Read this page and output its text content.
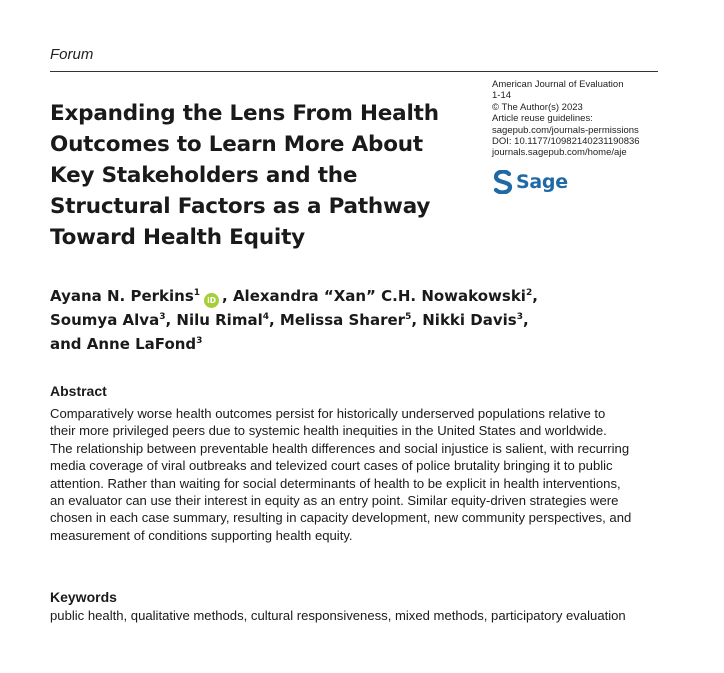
Forum
Expanding the Lens From Health
Outcomes to Learn More About
Key Stakeholders and the
Structural Factors as a Pathway
Toward Health Equity
American Journal of Evaluation
1-14
© The Author(s) 2023
Article reuse guidelines:
sagepub.com/journals-permissions
DOI: 10.1177/10982140231190836
journals.sagepub.com/home/aje
Sage
Ayana N. Perkins$^1$iD , Alexandra “Xan” C.H. Nowakowski$^2$,
Soumya Alva$^3$, Nilu Rimal$^4$, Melissa Sharer$^5$, Nikki Davis$^3$,
and Anne LaFond$^3$
Abstract
Comparatively worse health outcomes persist for historically underserved populations relative to
their more privileged peers due to systemic health inequities in the United States and worldwide.
The relationship between preventable health differences and social injustice is salient, with recurring
media coverage of viral outbreaks and televized court cases of police brutality bringing it to public
attention. Rather than waiting for social determinants of health to be explicit in health interventions,
an evaluator can use their interest in equity as an entry point. Similar equity-driven strategies were
chosen in each case summary, resulting in capacity development, new community perspectives, and
measurement of conditions supporting health equity.
Keywords
public health, qualitative methods, cultural responsiveness, mixed methods, participatory evaluation
